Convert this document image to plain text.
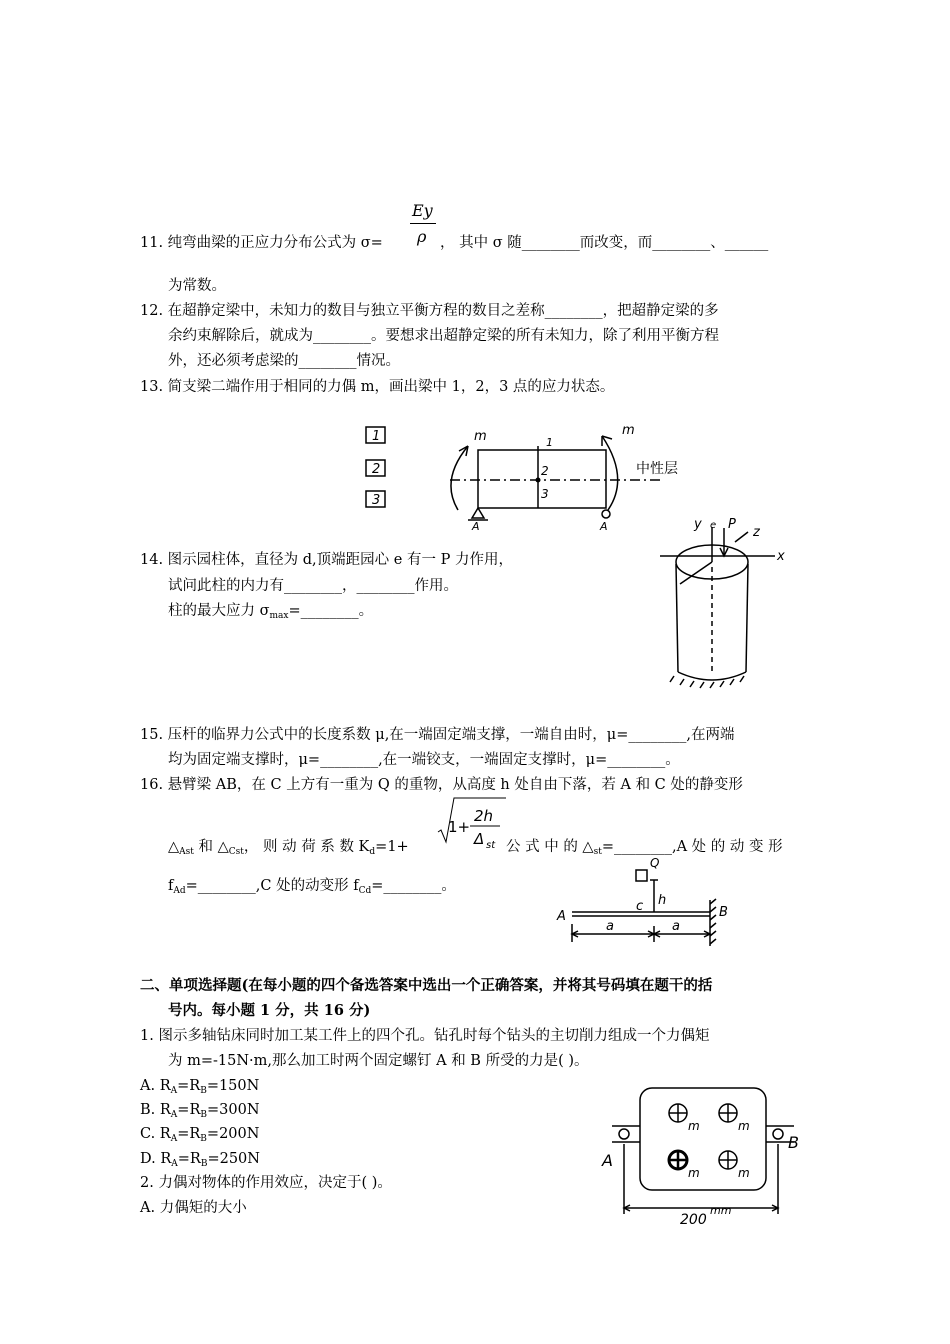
Ey
ρ
11. 纯弯曲梁的正应力分布公式为 σ=	， 其中 σ 随________而改变，而________、______
为常数。
12. 在超静定梁中，未知力的数目与独立平衡方程的数目之差称________，把超静定梁的多
余约束解除后，就成为________。要想求出超静定梁的所有未知力，除了利用平衡方程
外，还必须考虑梁的________情况。
13. 简支梁二端作用于相同的力偶 m，画出梁中 1，2，3 点的应力状态。
1
2
3
m	m
1
2
3
中性层
A	A
14. 图示园柱体，直径为 d,顶端距园心 e 有一 P 力作用，
试问此柱的内力有________，________作用。
柱的最大应力 $\sigma_{max}=\_\_\_\_\_\_\_\_$。
y e P
z
x
15. 压杆的临界力公式中的长度系数 μ,在一端固定端支撑，一端自由时，μ=________,在两端
均为固定端支撑时，μ=________,在一端铰支，一端固定支撑时，μ=________。
16. 悬臂梁 AB，在 C 上方有一重为 Q 的重物，从高度 h 处自由下落，若 A 和 C 处的静变形
$\triangle_{Ast}$ 和 $\triangle_{Cst}$， 则 动 荷 系 数 $K_d=1+$
1+
2h
Δ st 公 式 中 的 $\triangle_{st}=\_\_\_\_\_\_\_\_,A$ 处 的 动 变 形
$f_{Ad}=\_\_\_\_\_\_\_\_,C$ 处的动变形 $f_{Cd}=\_\_\_\_\_\_\_\_$。
Q
h
A
c	B
a	a
二、单项选择题(在每小题的四个备选答案中选出一个正确答案，并将其号码填在题干的括
号内。每小题 1 分，共 16 分)
1. 图示多轴钻床同时加工某工件上的四个孔。钻孔时每个钻头的主切削力组成一个力偶矩
为 m=-15N·m,那么加工时两个固定螺钉 A 和 B 所受的力是( )。
A. $R_A=R_B=150N$
B. $R_A=R_B=300N$
C. $R_A=R_B=200N$
D. $R_A=R_B=250N$	A
B
m	m
m	m
200
mm
2. 力偶对物体的作用效应，决定于( )。
A. 力偶矩的大小
